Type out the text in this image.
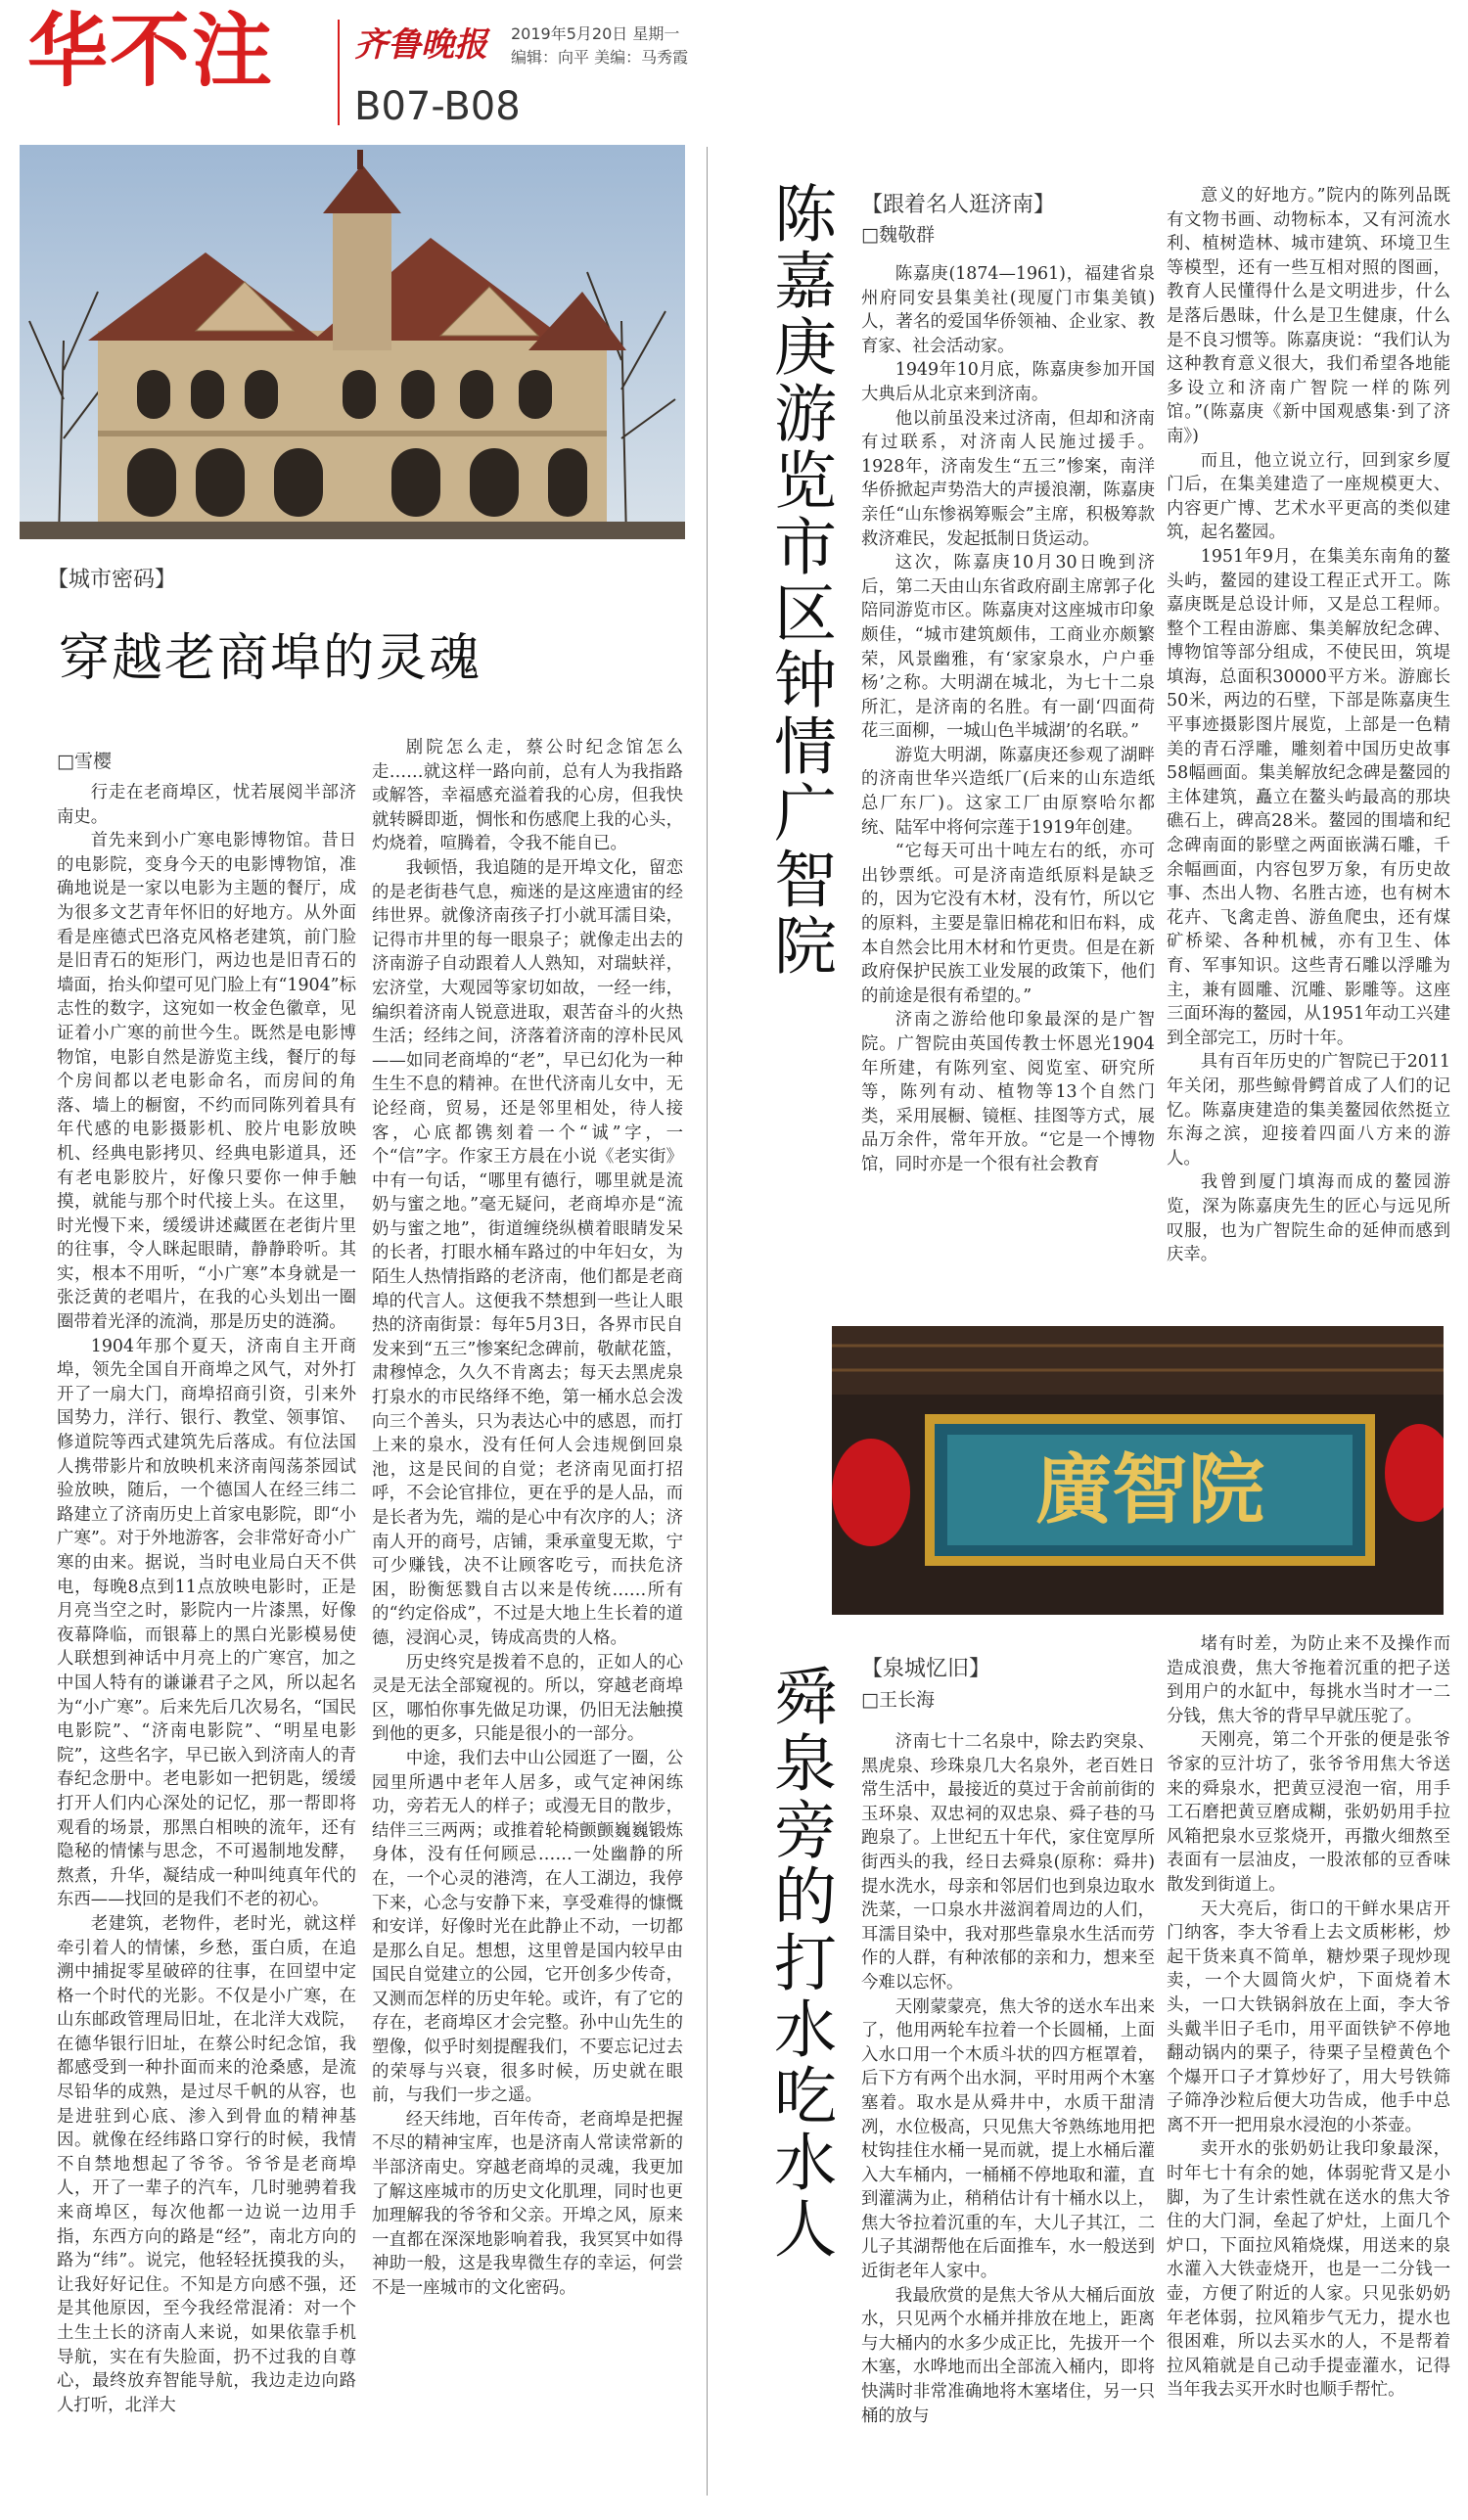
华不注 齐鲁晚报 2019年5月20日 星期一
编辑：向平 美编：马秀霞
B07-B08
【城市密码】
穿越老商埠的灵魂
□雪樱

行走在老商埠区，忧若展阅半部济南史。

首先来到小广寒电影博物馆。昔日的电影院，变身今天的电影博物馆，准确地说是一家以电影为主题的餐厅，成为很多文艺青年怀旧的好地方。从外面看是座德式巴洛克风格老建筑，前门脸是旧青石的矩形门，两边也是旧青石的墙面，抬头仰望可见门脸上有“1904”标志性的数字，这宛如一枚金色徽章，见证着小广寒的前世今生。既然是电影博物馆，电影自然是游览主线，餐厅的每个房间都以老电影命名，而房间的角落、墙上的橱窗，不约而同陈列着具有年代感的电影摄影机、胶片电影放映机、经典电影拷贝、经典电影道具，还有老电影胶片，好像只要你一伸手触摸，就能与那个时代接上头。在这里，时光慢下来，缓缓讲述藏匿在老街片里的往事，令人眯起眼睛，静静聆听。其实，根本不用听，“小广寒”本身就是一张泛黄的老唱片，在我的心头划出一圈圈带着光泽的流淌，那是历史的涟漪。

1904年那个夏天，济南自主开商埠，领先全国自开商埠之风气，对外打开了一扇大门，商埠招商引资，引来外国势力，洋行、银行、教堂、领事馆、修道院等西式建筑先后落成。有位法国人携带影片和放映机来济南闯荡茶园试验放映，随后，一个德国人在经三纬二路建立了济南历史上首家电影院，即“小广寒”。对于外地游客，会非常好奇小广寒的由来。据说，当时电业局白天不供电，每晚8点到11点放映电影时，正是月亮当空之时，影院内一片漆黑，好像夜幕降临，而银幕上的黑白光影模易使人联想到神话中月亮上的广寒宫，加之中国人特有的谦谦君子之风，所以起名为“小广寒”。后来先后几次易名，“国民电影院”、“济南电影院”、“明星电影院”，这些名字，早已嵌入到济南人的青春纪念册中。老电影如一把钥匙，缓缓打开人们内心深处的记忆，那一帮即将观看的场景，那黑白相映的流年，还有隐秘的情愫与思念，不可遏制地发酵，熬煮，升华，凝结成一种叫纯真年代的东西——找回的是我们不老的初心。

老建筑，老物件，老时光，就这样牵引着人的情愫，乡愁，蛋白质，在追溯中捕捉零星破碎的往事，在回望中定格一个时代的光影。不仅是小广寒，在山东邮政管理局旧址，在北洋大戏院，在德华银行旧址，在蔡公时纪念馆，我都感受到一种扑面而来的沧桑感，是流尽铅华的成熟，是过尽千帆的从容，也是进驻到心底、渗入到骨血的精神基因。就像在经纬路口穿行的时候，我情不自禁地想起了爷爷。爷爷是老商埠人，开了一辈子的汽车，几时驰骋着我来商埠区，每次他都一边说一边用手指，东西方向的路是“经”，南北方向的路为“纬”。说完，他轻轻抚摸我的头，让我好好记住。不知是方向感不强，还是其他原因，至今我经常混淆：对一个土生土长的济南人来说，如果依靠手机导航，实在有失脸面，扔不过我的自尊心，最终放弃智能导航，我边走边向路人打听，北洋大

剧院怎么走，蔡公时纪念馆怎么走……就这样一路向前，总有人为我指路或解答，幸福感充溢着我的心房，但我快就转瞬即逝，惆怅和伤感爬上我的心头，灼烧着，喧腾着，令我不能自已。

我顿悟，我追随的是开埠文化，留恋的是老街巷气息，痴迷的是这座遗宙的经纬世界。就像济南孩子打小就耳濡目染，记得市井里的每一眼泉子；就像走出去的济南游子自动跟着人人熟知，对瑞蚨祥，宏济堂，大观园等家切如故，一经一纬，编织着济南人锐意进取，艰苦奋斗的火热生活；经纬之间，济落着济南的淳朴民风——如同老商埠的“老”，早已幻化为一种生生不息的精神。在世代济南儿女中，无论经商，贸易，还是邻里相处，待人接客，心底都镌刻着一个“诚”字，一个“信”字。作家王方晨在小说《老实街》中有一句话，“哪里有德行，哪里就是流奶与蜜之地。”毫无疑问，老商埠亦是“流奶与蜜之地”，街道缠绕纵横着眼睛发呆的长者，打眼水桶车路过的中年妇女，为陌生人热情指路的老济南，他们都是老商埠的代言人。这便我不禁想到一些让人眼热的济南街景：每年5月3日，各界市民自发来到“五三”惨案纪念碑前，敬献花篮，肃穆悼念，久久不肯离去；每天去黑虎泉打泉水的市民络绎不绝，第一桶水总会泼向三个善头，只为表达心中的感恩，而打上来的泉水，没有任何人会违规倒回泉池，这是民间的自觉；老济南见面打招呼，不会论官排位，更在乎的是人品，而是长者为先，端的是心中有次序的人；济南人开的商号，店铺，秉承童叟无欺，宁可少赚钱，决不让顾客吃亏，而扶危济困，盼衡惩戮自古以来是传统……所有的“约定俗成”，不过是大地上生长着的道德，浸润心灵，铸成高贵的人格。

历史终究是拨着不息的，正如人的心灵是无法全部窥视的。所以，穿越老商埠区，哪怕你事先做足功课，仍旧无法触摸到他的更多，只能是很小的一部分。

中途，我们去中山公园逛了一圈，公园里所遇中老年人居多，或气定神闲练功，旁若无人的样子；或漫无目的散步，结伴三三两两；或推着轮椅颤颤巍巍锻炼身体，没有任何顾忌……一处幽静的所在，一个心灵的港湾，在人工湖边，我停下来，心念与安静下来，享受难得的慷慨和安详，好像时光在此静止不动，一切都是那么自足。想想，这里曾是国内较早由国民自觉建立的公园，它开创多少传奇，又测而怎样的历史年轮。或许，有了它的存在，老商埠区才会完整。孙中山先生的塑像，似乎时刻提醒我们，不要忘记过去的荣辱与兴衰，很多时候，历史就在眼前，与我们一步之遥。

经天纬地，百年传奇，老商埠是把握不尽的精神宝库，也是济南人常读常新的半部济南史。穿越老商埠的灵魂，我更加了解这座城市的历史文化肌理，同时也更加理解我的爷爷和父亲。开埠之风，原来一直都在深深地影响着我，我冥冥中如得神助一般，这是我卑微生存的幸运，何尝不是一座城市的文化密码。

陈嘉庚游览市区钟情广智院 【跟着名人逛济南】
□魏敬群

陈嘉庚(1874—1961)，福建省泉州府同安县集美社(现厦门市集美镇)人，著名的爱国华侨领袖、企业家、教育家、社会活动家。

1949年10月底，陈嘉庚参加开国大典后从北京来到济南。

他以前虽没来过济南，但却和济南有过联系，对济南人民施过援手。1928年，济南发生“五三”惨案，南洋华侨掀起声势浩大的声援浪潮，陈嘉庚亲任“山东惨祸筹赈会”主席，积极筹款救济难民，发起抵制日货运动。

这次，陈嘉庚10月30日晚到济后，第二天由山东省政府副主席郭子化陪同游览市区。陈嘉庚对这座城市印象颇佳，“城市建筑颇伟，工商业亦颇繁荣，风景幽雅，有‘家家泉水，户户垂杨’之称。大明湖在城北，为七十二泉所汇，是济南的名胜。有一副‘四面荷花三面柳，一城山色半城湖’的名联。”

游览大明湖，陈嘉庚还参观了湖畔的济南世华兴造纸厂(后来的山东造纸总厂东厂)。这家工厂由原察哈尔都统、陆军中将何宗莲于1919年创建。

“它每天可出十吨左右的纸，亦可出钞票纸。可是济南造纸原料是缺乏的，因为它没有木材，没有竹，所以它的原料，主要是靠旧棉花和旧布料，成本自然会比用木材和竹更贵。但是在新政府保护民族工业发展的政策下，他们的前途是很有希望的。”

济南之游给他印象最深的是广智院。广智院由英国传教士怀恩光1904年所建，有陈列室、阅览室、研究所等，陈列有动、植物等13个自然门类，采用展橱、镜框、挂图等方式，展品万余件，常年开放。“它是一个博物馆，同时亦是一个很有社会教育

意义的好地方。”院内的陈列品既有文物书画、动物标本，又有河流水利、植树造林、城市建筑、环境卫生等模型，还有一些互相对照的图画，教育人民懂得什么是文明进步，什么是落后愚昧，什么是卫生健康，什么是不良习惯等。陈嘉庚说：“我们认为这种教育意义很大，我们希望各地能多设立和济南广智院一样的陈列馆。”(陈嘉庚《新中国观感集·到了济南》)

而且，他立说立行，回到家乡厦门后，在集美建造了一座规模更大、内容更广博、艺术水平更高的类似建筑，起名鳌园。

1951年9月，在集美东南角的鳌头屿，鳌园的建设工程正式开工。陈嘉庚既是总设计师，又是总工程师。整个工程由游廊、集美解放纪念碑、博物馆等部分组成，不使民田，筑堤填海，总面积30000平方米。游廊长50米，两边的石壁，下部是陈嘉庚生平事迹摄影图片展览，上部是一色精美的青石浮雕，雕刻着中国历史故事58幅画面。集美解放纪念碑是鳌园的主体建筑，矗立在鳌头屿最高的那块礁石上，碑高28米。鳌园的围墙和纪念碑南面的影壁之两面嵌满石雕，千余幅画面，内容包罗万象，有历史故事、杰出人物、名胜古迹，也有树木花卉、飞禽走兽、游鱼爬虫，还有煤矿桥梁、各种机械，亦有卫生、体育、军事知识。这些青石雕以浮雕为主，兼有圆雕、沉雕、影雕等。这座三面环海的鳌园，从1951年动工兴建到全部完工，历时十年。

具有百年历史的广智院已于2011年关闭，那些鲸骨鳄首成了人们的记忆。陈嘉庚建造的集美鳌园依然挺立东海之滨，迎接着四面八方来的游人。

我曾到厦门填海而成的鳌园游览，深为陈嘉庚先生的匠心与远见所叹服，也为广智院生命的延伸而感到庆幸。

廣智院
舜泉旁的打水吃水人 【泉城忆旧】
□王长海

济南七十二名泉中，除去趵突泉、黑虎泉、珍珠泉几大名泉外，老百姓日常生活中，最接近的莫过于舍前前街的玉环泉、双忠祠的双忠泉、舜子巷的马跑泉了。上世纪五十年代，家住宽厚所街西头的我，经日去舜泉(原称：舜井)提水洗水，母亲和邻居们也到泉边取水洗菜，一口泉水井滋润着周边的人们，耳濡目染中，我对那些靠泉水生活而劳作的人群，有种浓郁的亲和力，想来至今难以忘怀。

天刚蒙蒙亮，焦大爷的送水车出来了，他用两轮车拉着一个长圆桶，上面入水口用一个木质斗状的四方框罩着，后下方有两个出水洞，平时用两个木塞塞着。取水是从舜井中，水质干甜清冽，水位极高，只见焦大爷熟练地用把杖钩挂住水桶一晃而就，提上水桶后灌入大车桶内，一桶桶不停地取和灌，直到灌满为止，稍稍估计有十桶水以上，焦大爷拉着沉重的车，大儿子其江，二儿子其湖帮他在后面推车，水一般送到近街老年人家中。

我最欣赏的是焦大爷从大桶后面放水，只见两个水桶并排放在地上，距离与大桶内的水多少成正比，先拔开一个木塞，水哗地而出全部流入桶内，即将快满时非常准确地将木塞堵住，另一只桶的放与

堵有时差，为防止来不及操作而造成浪费，焦大爷拖着沉重的把子送到用户的水缸中，每挑水当时才一二分钱，焦大爷的背早早就压驼了。

天刚亮，第二个开张的便是张爷爷家的豆汁坊了，张爷爷用焦大爷送来的舜泉水，把黄豆浸泡一宿，用手工石磨把黄豆磨成糊，张奶奶用手拉风箱把泉水豆浆烧开，再撒火细熬至表面有一层油皮，一股浓郁的豆香味散发到街道上。

天大亮后，街口的干鲜水果店开门纳客，李大爷看上去文质彬彬，炒起干货来真不简单，糖炒栗子现炒现卖，一个大圆筒火炉，下面烧着木头，一口大铁锅斜放在上面，李大爷头戴半旧子毛巾，用平面铁铲不停地翻动锅内的栗子，待栗子呈橙黄色个个爆开口子才算炒好了，用大号铁筛子筛净沙粒后便大功告成，他手中总离不开一把用泉水浸泡的小茶壶。

卖开水的张奶奶让我印象最深，时年七十有余的她，体弱驼背又是小脚，为了生计索性就在送水的焦大爷住的大门洞，垒起了炉灶，上面几个炉口，下面拉风箱烧煤，用送来的泉水灌入大铁壶烧开，也是一二分钱一壶，方便了附近的人家。只见张奶奶年老体弱，拉风箱步气无力，提水也很困难，所以去买水的人，不是帮着拉风箱就是自己动手提壶灌水，记得当年我去买开水时也顺手帮忙。
